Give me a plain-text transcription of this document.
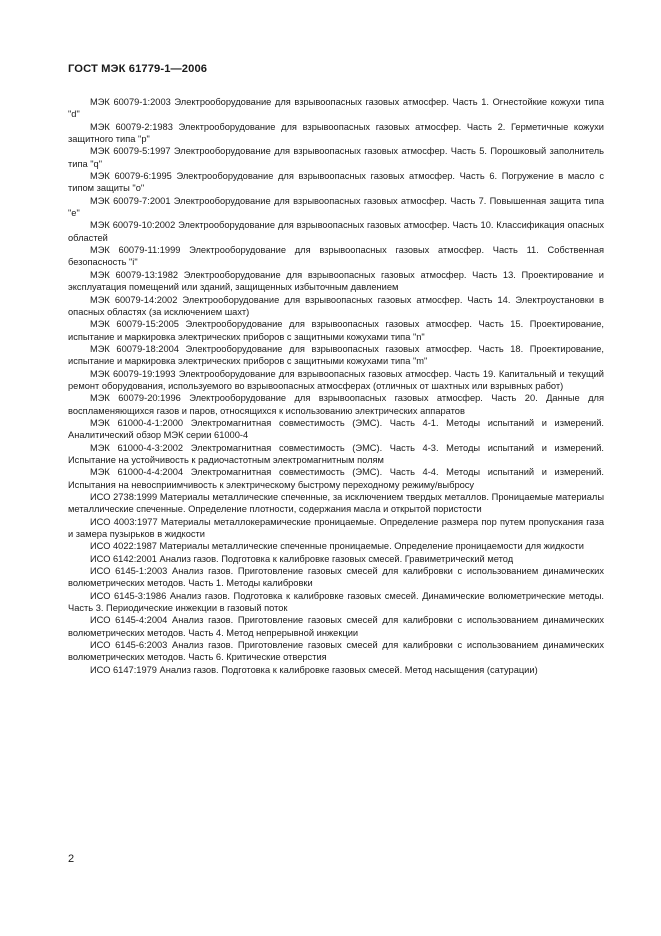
ГОСТ МЭК 61779-1—2006

МЭК 60079-1:2003 Электрооборудование для взрывоопасных газовых атмосфер. Часть 1. Огнестойкие кожухи типа "d"

МЭК 60079-2:1983 Электрооборудование для взрывоопасных газовых атмосфер. Часть 2. Герметичные кожухи защитного типа "p"

МЭК 60079-5:1997 Электрооборудование для взрывоопасных газовых атмосфер. Часть 5. Порошковый заполнитель типа "q"

МЭК 60079-6:1995 Электрооборудование для взрывоопасных газовых атмосфер. Часть 6. Погружение в масло с типом защиты "o"

МЭК 60079-7:2001 Электрооборудование для взрывоопасных газовых атмосфер. Часть 7. Повышенная защита типа "e"

МЭК 60079-10:2002 Электрооборудование для взрывоопасных газовых атмосфер. Часть 10. Классификация опасных областей

МЭК 60079-11:1999 Электрооборудование для взрывоопасных газовых атмосфер. Часть 11. Собственная безопасность "i"

МЭК 60079-13:1982 Электрооборудование для взрывоопасных газовых атмосфер. Часть 13. Проектирование и эксплуатация помещений или зданий, защищенных избыточным давлением

МЭК 60079-14:2002 Электрооборудование для взрывоопасных газовых атмосфер. Часть 14. Электроустановки в опасных областях (за исключением шахт)

МЭК 60079-15:2005 Электрооборудование для взрывоопасных газовых атмосфер. Часть 15. Проектирование, испытание и маркировка электрических приборов с защитными кожухами типа "n"

МЭК 60079-18:2004 Электрооборудование для взрывоопасных газовых атмосфер. Часть 18. Проектирование, испытание и маркировка электрических приборов с защитными кожухами типа "m"

МЭК 60079-19:1993 Электрооборудование для взрывоопасных газовых атмосфер. Часть 19. Капитальный и текущий ремонт оборудования, используемого во взрывоопасных атмосферах (отличных от шахтных или взрывных работ)

МЭК 60079-20:1996 Электрооборудование для взрывоопасных газовых атмосфер. Часть 20. Данные для воспламеняющихся газов и паров, относящихся к использованию электрических аппаратов

МЭК 61000-4-1:2000 Электромагнитная совместимость (ЭМС). Часть 4-1. Методы испытаний и измерений. Аналитический обзор МЭК серии 61000-4

МЭК 61000-4-3:2002 Электромагнитная совместимость (ЭМС). Часть 4-3. Методы испытаний и измерений. Испытание на устойчивость к радиочастотным электромагнитным полям

МЭК 61000-4-4:2004 Электромагнитная совместимость (ЭМС). Часть 4-4. Методы испытаний и измерений. Испытания на невосприимчивость к электрическому быстрому переходному режиму/выбросу

ИСО 2738:1999 Материалы металлические спеченные, за исключением твердых металлов. Проницаемые материалы металлические спеченные. Определение плотности, содержания масла и открытой пористости

ИСО 4003:1977 Материалы металлокерамические проницаемые. Определение размера пор путем пропускания газа и замера пузырьков в жидкости

ИСО 4022:1987 Материалы металлические спеченные проницаемые. Определение проницаемости для жидкости

ИСО 6142:2001 Анализ газов. Подготовка к калибровке газовых смесей. Гравиметрический метод

ИСО 6145-1:2003 Анализ газов. Приготовление газовых смесей для калибровки с использованием динамических волюметрических методов. Часть 1. Методы калибровки

ИСО 6145-3:1986 Анализ газов. Подготовка к калибровке газовых смесей. Динамические волюметрические методы. Часть 3. Периодические инжекции в газовый поток

ИСО 6145-4:2004 Анализ газов. Приготовление газовых смесей для калибровки с использованием динамических волюметрических методов. Часть 4. Метод непрерывной инжекции

ИСО 6145-6:2003 Анализ газов. Приготовление газовых смесей для калибровки с использованием динамических волюметрических методов. Часть 6. Критические отверстия

ИСО 6147:1979 Анализ газов. Подготовка к калибровке газовых смесей. Метод насыщения (сатурации)

2
